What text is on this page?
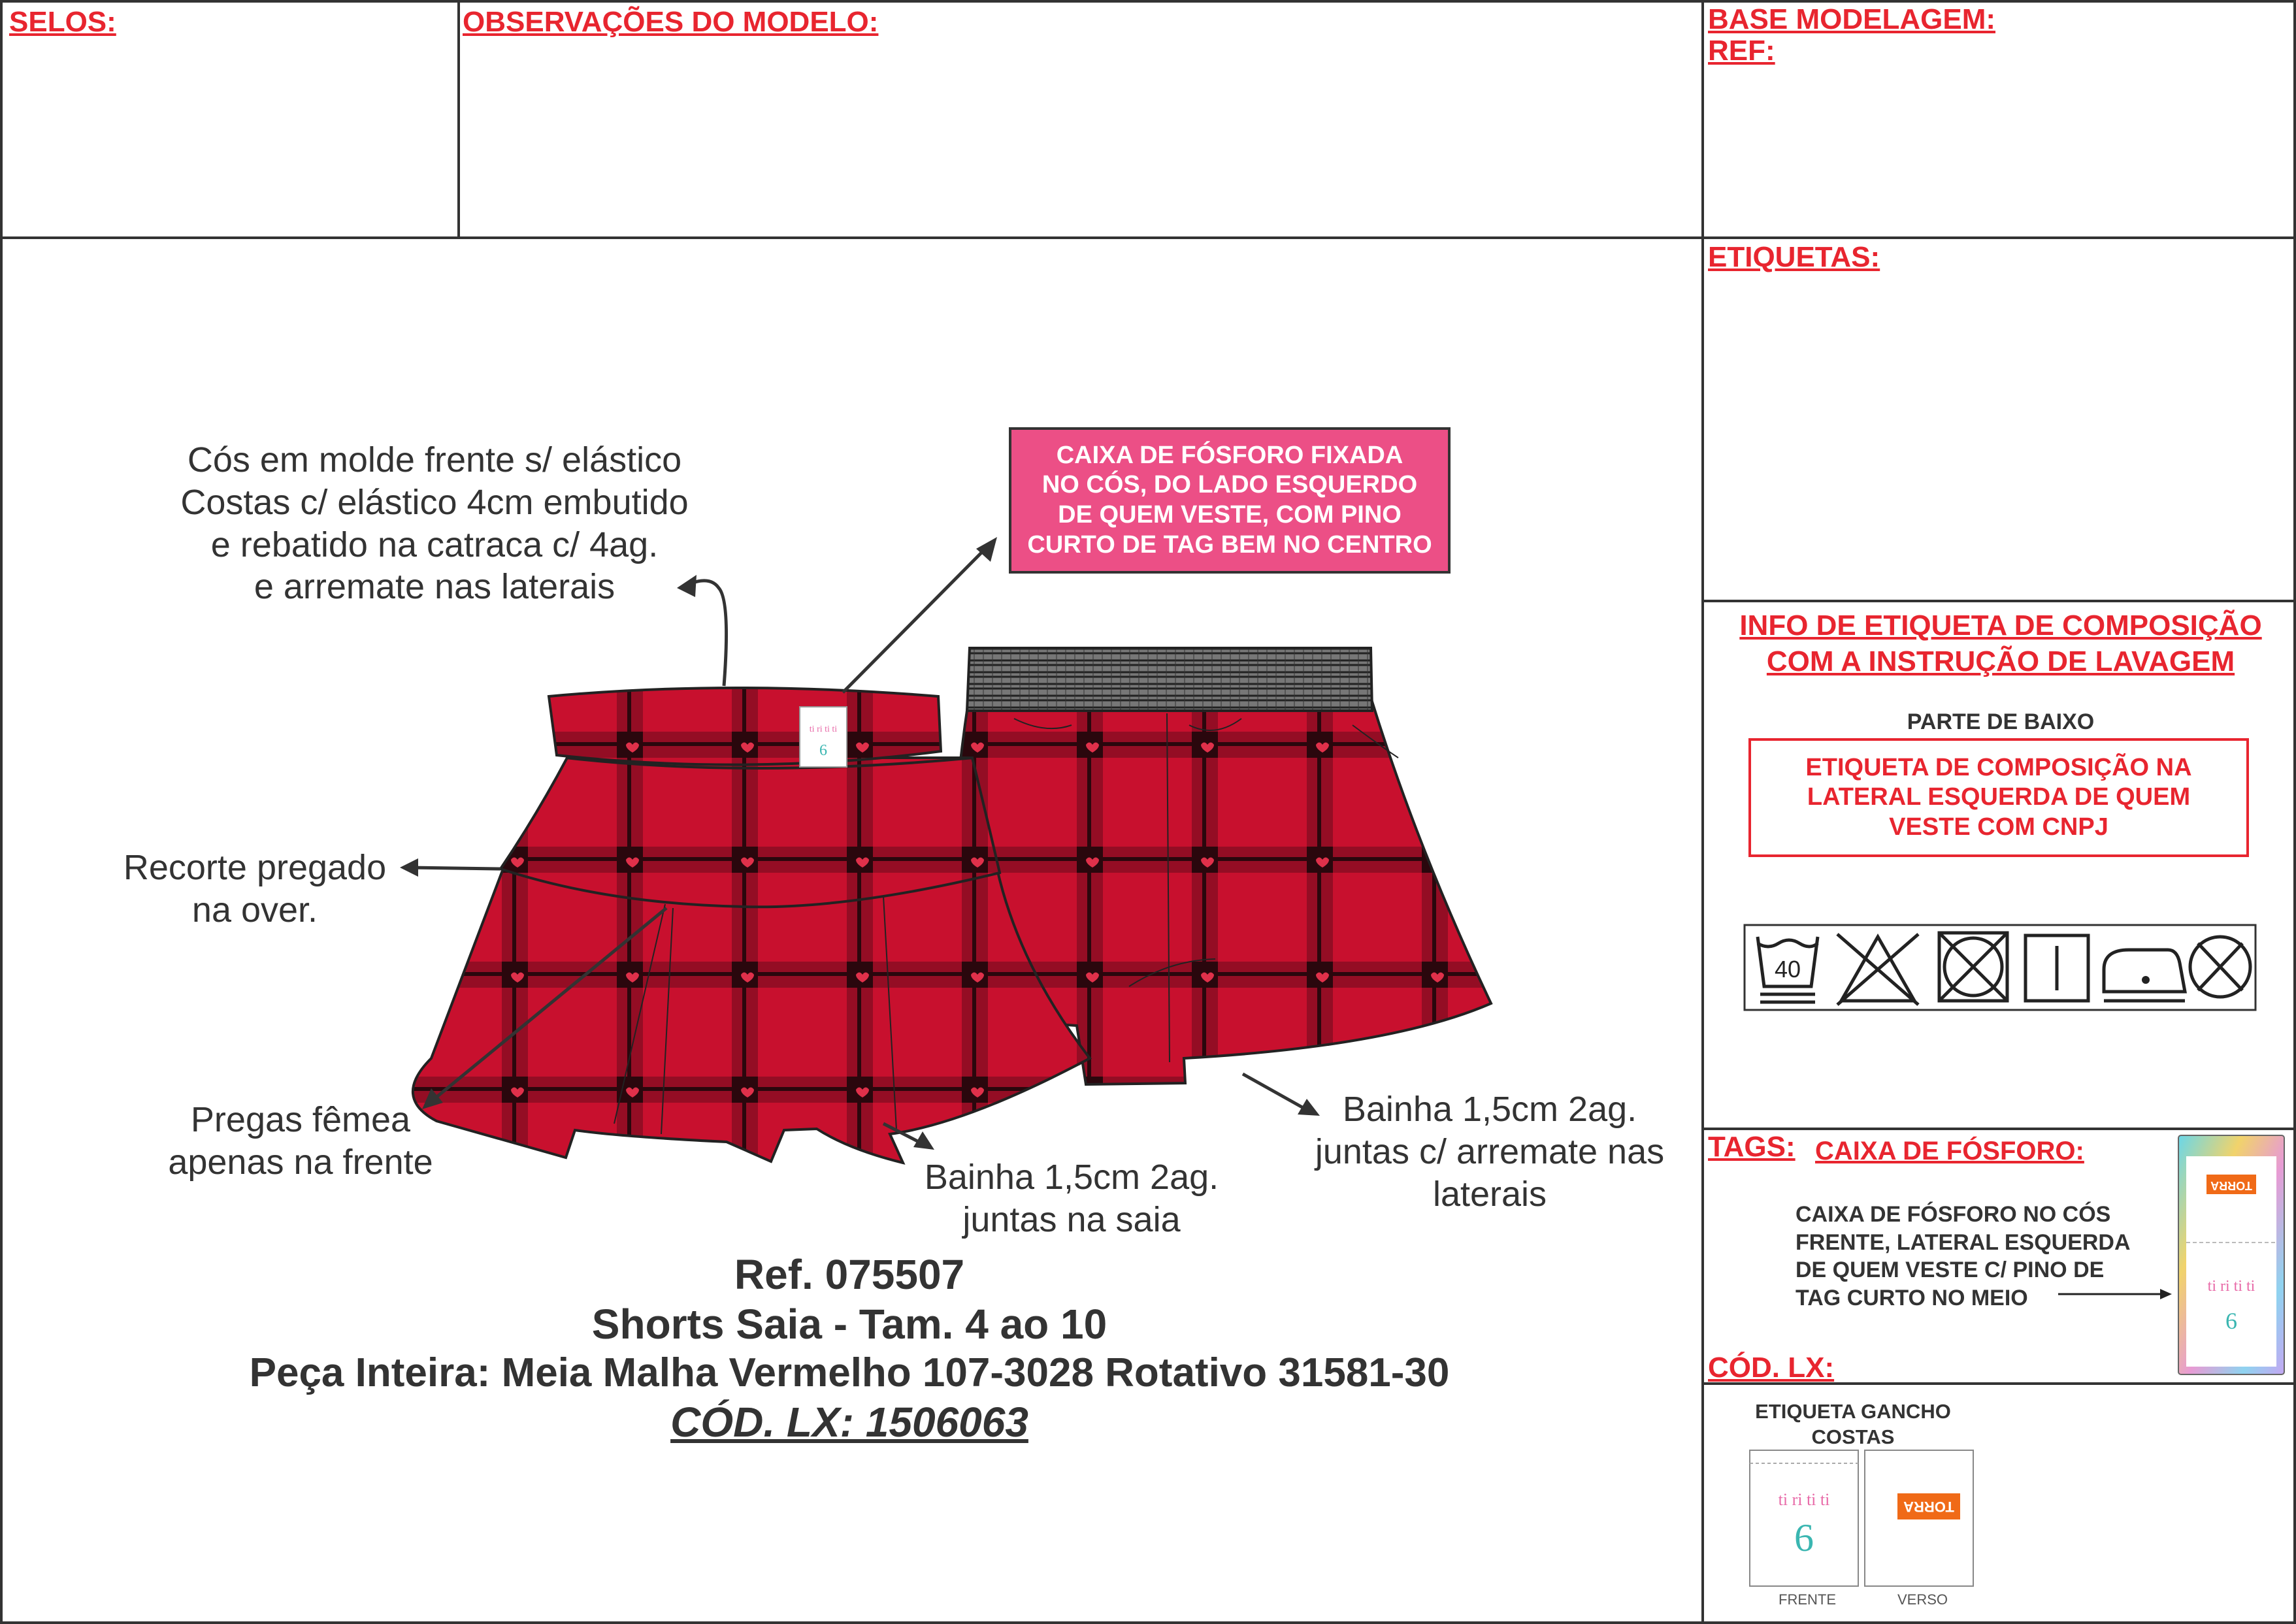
SELOS:	OBSERVAÇÕES DO MODELO:	BASE MODELAGEM:
REF:
ETIQUETAS:
INFO DE ETIQUETA DE COMPOSIÇÃO
COM A INSTRUÇÃO DE LAVAGEM
PARTE DE BAIXO
ETIQUETA DE COMPOSIÇÃO NA
LATERAL ESQUERDA DE QUEM
VESTE COM CNPJ
40
TAGS: CAIXA DE FÓSFORO:
CAIXA DE FÓSFORO NO CÓS
FRENTE, LATERAL ESQUERDA
DE QUEM VESTE C/ PINO DE
TAG CURTO NO MEIO
TORRA
ti ri ti ti
6
CÓD. LX:
ETIQUETA GANCHO
COSTAS
ti ri ti ti
6
TORRA
FRENTE	VERSO
ti ri ti ti
6
Cós em molde frente s/ elástico
Costas c/ elástico 4cm embutido
e rebatido na catraca c/ 4ag.
e arremate nas laterais
CAIXA DE FÓSFORO FIXADA
NO CÓS, DO LADO ESQUERDO
DE QUEM VESTE, COM PINO
CURTO DE TAG BEM NO CENTRO
Recorte pregado
na over.
Pregas fêmea
apenas na frente	Bainha 1,5cm 2ag.
juntas na saia
Bainha 1,5cm 2ag.
juntas c/ arremate nas
laterais
Ref. 075507
Shorts Saia - Tam. 4 ao 10
Peça Inteira: Meia Malha Vermelho 107-3028 Rotativo 31581-30
CÓD. LX: 1506063
